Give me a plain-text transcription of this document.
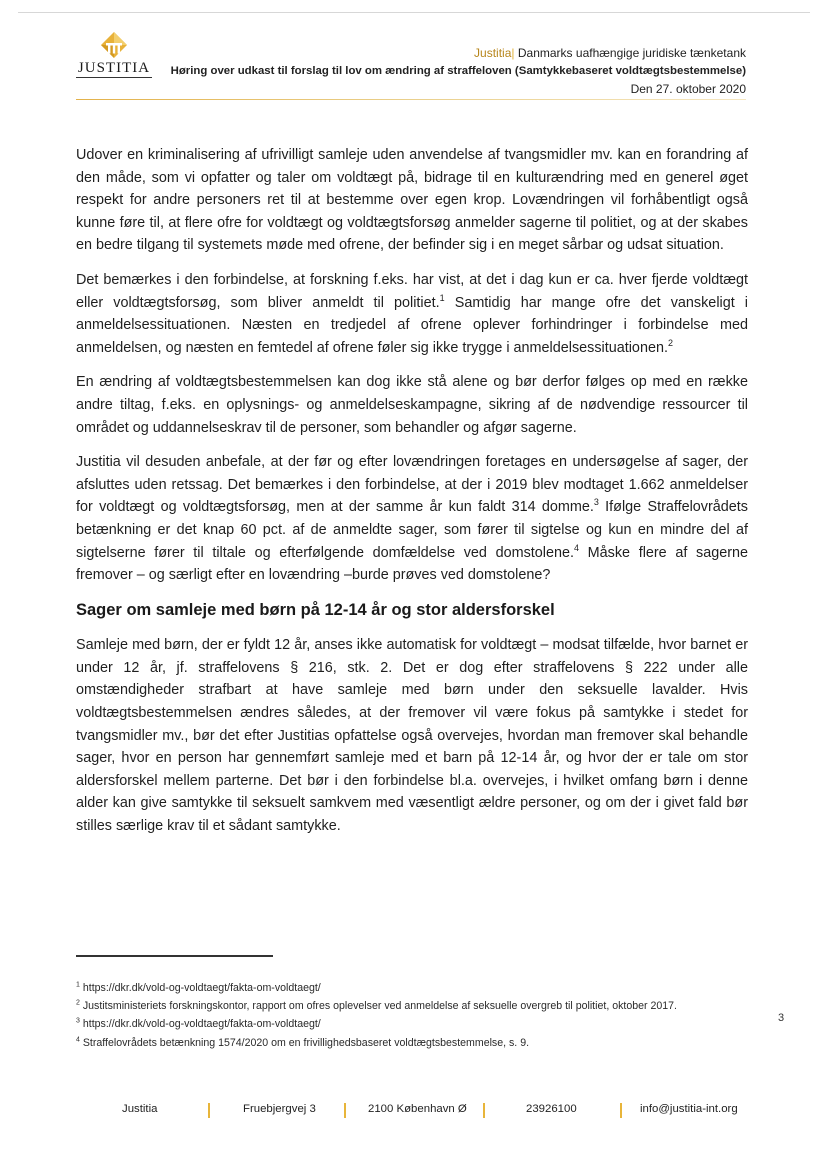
JUSTITIA
Justitia| Danmarks uafhængige juridiske tænketank
Høring over udkast til forslag til lov om ændring af straffeloven (Samtykkebaseret voldtægtsbestemmelse)
Den 27. oktober 2020

Udover en kriminalisering af ufrivilligt samleje uden anvendelse af tvangsmidler mv. kan en forandring af den måde, som vi opfatter og taler om voldtægt på, bidrage til en kulturændring med en generel øget respekt for andre personers ret til at bestemme over egen krop. Lovændringen vil forhåbentligt også kunne føre til, at flere ofre for voldtægt og voldtægtsforsøg anmelder sagerne til politiet, og at der skabes en bedre tilgang til systemets møde med ofrene, der befinder sig i en meget sårbar og udsat situation.

Det bemærkes i den forbindelse, at forskning f.eks. har vist, at det i dag kun er ca. hver fjerde voldtægt eller voldtægtsforsøg, som bliver anmeldt til politiet.$^1$ Samtidig har mange ofre det vanskeligt i anmeldelsessituationen. Næsten en tredjedel af ofrene oplever forhindringer i forbindelse med anmeldelsen, og næsten en femtedel af ofrene føler sig ikke trygge i anmeldelsessituationen.$^2$

En ændring af voldtægtsbestemmelsen kan dog ikke stå alene og bør derfor følges op med en række andre tiltag, f.eks. en oplysnings- og anmeldelseskampagne, sikring af de nødvendige ressourcer til området og uddannelseskrav til de personer, som behandler og afgør sagerne.

Justitia vil desuden anbefale, at der før og efter lovændringen foretages en undersøgelse af sager, der afsluttes uden retssag. Det bemærkes i den forbindelse, at der i 2019 blev modtaget 1.662 anmeldelser for voldtægt og voldtægtsforsøg, men at der samme år kun faldt 314 domme.$^3$ Ifølge Straffelovrådets betænkning er det knap 60 pct. af de anmeldte sager, som fører til sigtelse og kun en mindre del af sigtelserne fører til tiltale og efterfølgende domfældelse ved domstolene.$^4$ Måske flere af sagerne fremover – og særligt efter en lovændring –burde prøves ved domstolene?

Sager om samleje med børn på 12-14 år og stor aldersforskel

Samleje med børn, der er fyldt 12 år, anses ikke automatisk for voldtægt – modsat tilfælde, hvor barnet er under 12 år, jf. straffelovens § 216, stk. 2. Det er dog efter straffelovens § 222 under alle omstændigheder strafbart at have samleje med børn under den seksuelle lavalder. Hvis voldtægtsbestemmelsen ændres således, at der fremover vil være fokus på samtykke i stedet for tvangsmidler mv., bør det efter Justitias opfattelse også overvejes, hvordan man fremover skal behandle sager, hvor en person har gennemført samleje med et barn på 12-14 år, og hvor der er tale om stor aldersforskel mellem parterne. Det bør i den forbindelse bl.a. overvejes, i hvilket omfang børn i denne alder kan give samtykke til seksuelt samkvem med væsentligt ældre personer, og om der i givet fald bør stilles særlige krav til et sådant samtykke.

$^1$ https://dkr.dk/vold-og-voldtaegt/fakta-om-voldtaegt/
$^2$ Justitsministeriets forskningskontor, rapport om ofres oplevelser ved anmeldelse af seksuelle overgreb til politiet, oktober 2017.
$^3$ https://dkr.dk/vold-og-voldtaegt/fakta-om-voldtaegt/
$^4$ Straffelovrådets betænkning 1574/2020 om en frivillighedsbaseret voldtægtsbestemmelse, s. 9.
3
Justitia	Fruebjergvej 3	2100 København Ø	23926100	info@justitia-int.org
